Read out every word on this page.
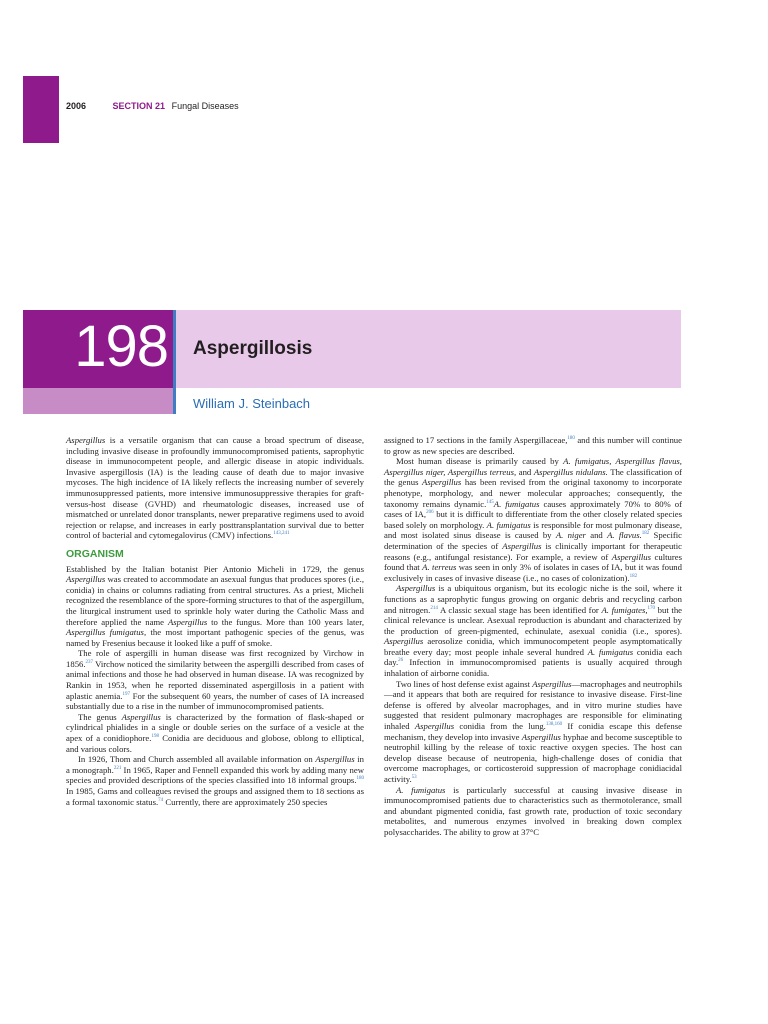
2006	SECTION 21 Fungal Diseases
198 Aspergillosis
William J. Steinbach

Aspergillus is a versatile organism that can cause a broad spectrum of disease, including invasive disease in profoundly immunocompromised patients, saprophytic disease in immunocompetent people, and allergic disease in atopic individuals. Invasive aspergillosis (IA) is the leading cause of death due to major invasive mycoses. The high incidence of IA likely reflects the increasing number of severely immunosuppressed patients, more intensive immunosuppressive therapies for graft-versus-host disease (GVHD) and rheumatologic diseases, increased use of mismatched or unrelated donor transplants, newer preparative regimens used to avoid rejection or relapse, and increases in early posttransplantation survival due to better control of bacterial and cytomegalovirus (CMV) infections.$^{143,241}$

ORGANISM

Established by the Italian botanist Pier Antonio Micheli in 1729, the genus Aspergillus was created to accommodate an asexual fungus that produces spores (i.e., conidia) in chains or columns radiating from central structures. As a priest, Micheli recognized the resemblance of the spore-forming structures to that of the aspergillum, the liturgical instrument used to sprinkle holy water during the Catholic Mass and therefore applied the name Aspergillus to the fungus. More than 100 years later, Aspergillus fumigatus, the most important pathogenic species of the genus, was named by Fresenius because it looked like a puff of smoke.

The role of aspergilli in human disease was first recognized by Virchow in 1856.$^{237}$ Virchow noticed the similarity between the aspergilli described from cases of animal infections and those he had observed in human disease. IA was recognized by Rankin in 1953, when he reported disseminated aspergillosis in a patient with aplastic anemia.$^{197}$ For the subsequent 60 years, the number of cases of IA increased substantially due to a rise in the number of immunocompromised patients.

The genus Aspergillus is characterized by the formation of flask-shaped or cylindrical phialides in a single or double series on the surface of a vesicle at the apex of a conidiophore.$^{198}$ Conidia are deciduous and globose, oblong to elliptical, and various colors.

In 1926, Thom and Church assembled all available information on Aspergillus in a monograph.$^{221}$ In 1965, Raper and Fennell expanded this work by adding many new species and provided descriptions of the species classified into 18 informal groups.$^{180}$ In 1985, Gams and colleagues revised the groups and assigned them to 18 sections as a formal taxonomic status.$^{74}$ Currently, there are approximately 250 species

assigned to 17 sections in the family Aspergillaceae,$^{180}$ and this number will continue to grow as new species are described.

Most human disease is primarily caused by A. fumigatus, Aspergillus flavus, Aspergillus niger, Aspergillus terreus, and Aspergillus nidulans. The classification of the genus Aspergillus has been revised from the original taxonomy to incorporate phenotype, morphology, and newer molecular approaches; consequently, the taxonomy remains dynamic.$^{145}$A. fumigatus causes approximately 70% to 80% of cases of IA,$^{206}$ but it is difficult to differentiate from the other closely related species based solely on morphology. A. fumigatus is responsible for most pulmonary disease, and most isolated sinus disease is caused by A. niger and A. flavus.$^{182}$ Specific determination of the species of Aspergillus is clinically important for therapeutic reasons (e.g., antifungal resistance). For example, a review of Aspergillus cultures found that A. terreus was seen in only 3% of isolates in cases of IA, but it was found exclusively in cases of invasive disease (i.e., no cases of colonization).$^{182}$

Aspergillus is a ubiquitous organism, but its ecologic niche is the soil, where it functions as a saprophytic fungus growing on organic debris and recycling carbon and nitrogen.$^{214}$ A classic sexual stage has been identified for A. fumigates,$^{170}$ but the clinical relevance is unclear. Asexual reproduction is abundant and characterized by the production of green-pigmented, echinulate, asexual conidia (i.e., spores). Aspergillus aerosolize conidia, which immunocompetent people asymptomatically breathe every day; most people inhale several hundred A. fumigatus conidia each day.$^{26}$ Infection in immunocompromised patients is usually acquired through inhalation of airborne conidia.

Two lines of host defense exist against Aspergillus—macrophages and neutrophils—and it appears that both are required for resistance to invasive disease. First-line defense is offered by alveolar macrophages, and in vitro murine studies have suggested that resident pulmonary macrophages are responsible for eliminating inhaled Aspergillus conidia from the lung.$^{138,160}$ If conidia escape this defense mechanism, they develop into invasive Aspergillus hyphae and become susceptible to neutrophil killing by the release of toxic reactive oxygen species. The host can develop disease because of neutropenia, high-challenge doses of conidia that overcome macrophages, or corticosteroid suppression of macrophage conidiacidal activity.$^{53}$

A. fumigatus is particularly successful at causing invasive disease in immunocompromised patients due to characteristics such as thermotolerance, small and abundant pigmented conidia, fast growth rate, production of toxic secondary metabolites, and numerous enzymes involved in breaking down complex polysaccharides. The ability to grow at 37°C
